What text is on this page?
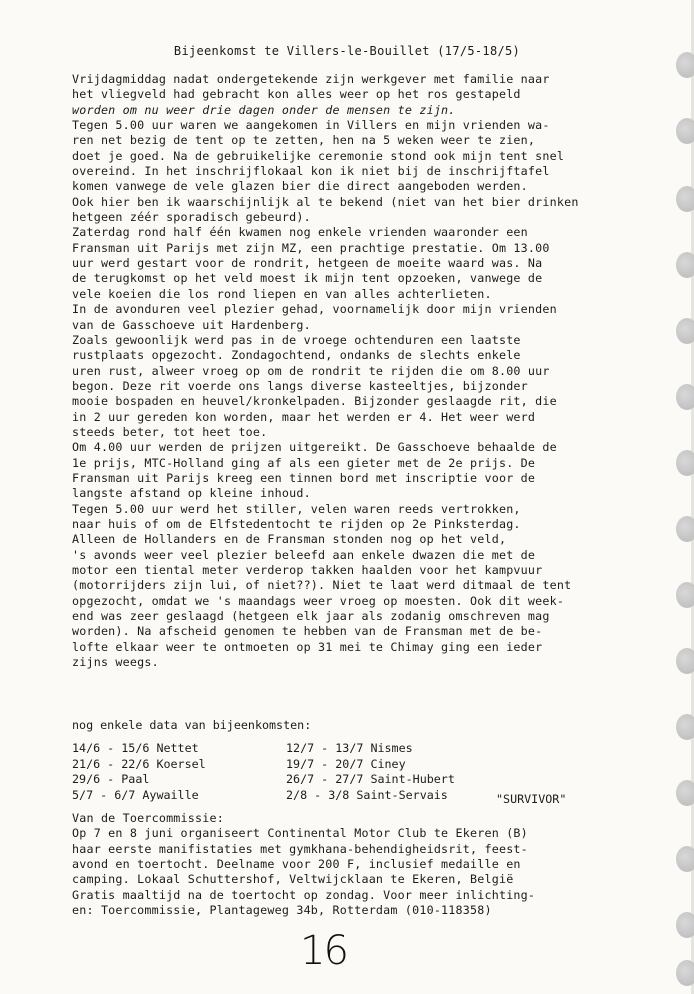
Bijeenkomst te Villers-le-Bouillet (17/5-18/5)
Vrijdagmiddag nadat ondergetekende zijn werkgever met familie naar
het vliegveld had gebracht kon alles weer op het ros gestapeld
worden om nu weer drie dagen onder de mensen te zijn.
Tegen 5.00 uur waren we aangekomen in Villers en mijn vrienden wa-
ren net bezig de tent op te zetten, hen na 5 weken weer te zien,
doet je goed. Na de gebruikelijke ceremonie stond ook mijn tent snel
overeind. In het inschrijflokaal kon ik niet bij de inschrijftafel
komen vanwege de vele glazen bier die direct aangeboden werden.
Ook hier ben ik waarschijnlijk al te bekend (niet van het bier drinken
hetgeen zéér sporadisch gebeurd).
Zaterdag rond half één kwamen nog enkele vrienden waaronder een
Fransman uit Parijs met zijn MZ, een prachtige prestatie. Om 13.00
uur werd gestart voor de rondrit, hetgeen de moeite waard was. Na
de terugkomst op het veld moest ik mijn tent opzoeken, vanwege de
vele koeien die los rond liepen en van alles achterlieten.
In de avonduren veel plezier gehad, voornamelijk door mijn vrienden
van de Gasschoeve uit Hardenberg.
Zoals gewoonlijk werd pas in de vroege ochtenduren een laatste
rustplaats opgezocht. Zondagochtend, ondanks de slechts enkele
uren rust, alweer vroeg op om de rondrit te rijden die om 8.00 uur
begon. Deze rit voerde ons langs diverse kasteeltjes, bijzonder
mooie bospaden en heuvel/kronkelpaden. Bijzonder geslaagde rit, die
in 2 uur gereden kon worden, maar het werden er 4. Het weer werd
steeds beter, tot heet toe.
Om 4.00 uur werden de prijzen uitgereikt. De Gasschoeve behaalde de
1e prijs, MTC-Holland ging af als een gieter met de 2e prijs. De
Fransman uit Parijs kreeg een tinnen bord met inscriptie voor de
langste afstand op kleine inhoud.
Tegen 5.00 uur werd het stiller, velen waren reeds vertrokken,
naar huis of om de Elfstedentocht te rijden op 2e Pinksterdag.
Alleen de Hollanders en de Fransman stonden nog op het veld,
's avonds weer veel plezier beleefd aan enkele dwazen die met de
motor een tiental meter verderop takken haalden voor het kampvuur
(motorrijders zijn lui, of niet??). Niet te laat werd ditmaal de tent
opgezocht, omdat we 's maandags weer vroeg op moesten. Ook dit week-
end was zeer geslaagd (hetgeen elk jaar als zodanig omschreven mag
worden). Na afscheid genomen te hebben van de Fransman met de be-
lofte elkaar weer te ontmoeten op 31 mei te Chimay ging een ieder
zijns weegs.
nog enkele data van bijeenkomsten:
14/6 - 15/6 Nettet	12/7 - 13/7 Nismes
21/6 - 22/6 Koersel	19/7 - 20/7 Ciney
29/6 - Paal	26/7 - 27/7 Saint-Hubert
5/7 - 6/7 Aywaille	2/8 - 3/8 Saint-Servais	"SURVIVOR"
Van de Toercommissie:
Op 7 en 8 juni organiseert Continental Motor Club te Ekeren (B)
haar eerste manifistaties met gymkhana-behendigheidsrit, feest-
avond en toertocht. Deelname voor 200 F, inclusief medaille en
camping. Lokaal Schuttershof, Veltwijcklaan te Ekeren, België
Gratis maaltijd na de toertocht op zondag. Voor meer inlichting-
en: Toercommissie, Plantageweg 34b, Rotterdam (010-118358)
16
